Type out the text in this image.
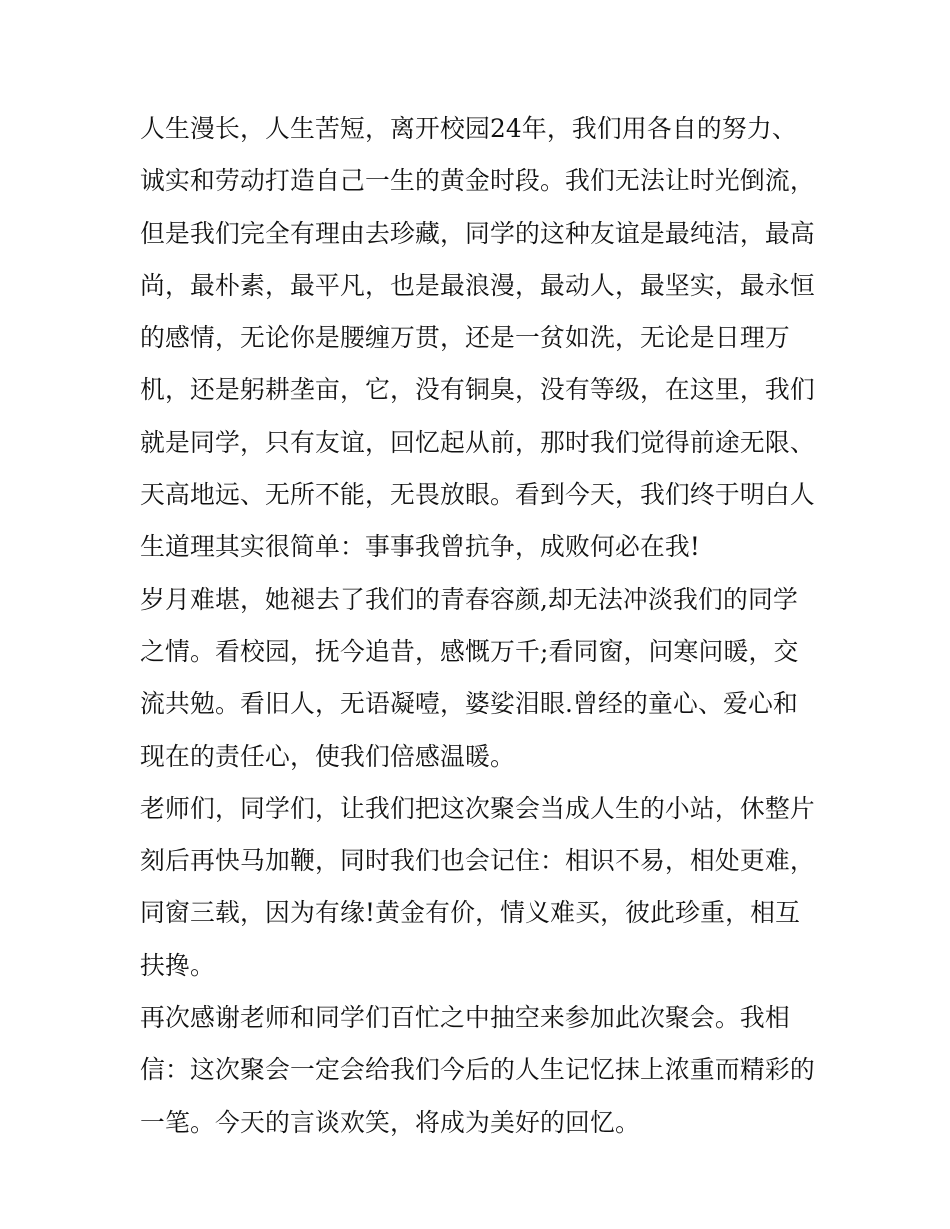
人生漫长，人生苦短，离开校园24年，我们用各自的努力、
诚实和劳动打造自己一生的黄金时段。我们无法让时光倒流，
但是我们完全有理由去珍藏，同学的这种友谊是最纯洁，最高
尚，最朴素，最平凡，也是最浪漫，最动人，最坚实，最永恒
的感情，无论你是腰缠万贯，还是一贫如洗，无论是日理万
机，还是躬耕垄亩，它，没有铜臭，没有等级，在这里，我们
就是同学，只有友谊，回忆起从前，那时我们觉得前途无限、
天高地远、无所不能，无畏放眼。看到今天，我们终于明白人
生道理其实很简单：事事我曾抗争，成败何必在我!
岁月难堪，她褪去了我们的青春容颜,却无法冲淡我们的同学
之情。看校园，抚今追昔，感慨万千;看同窗，问寒问暖，交
流共勉。看旧人，无语凝噎，婆娑泪眼.曾经的童心、爱心和
现在的责任心，使我们倍感温暖。
老师们，同学们，让我们把这次聚会当成人生的小站，休整片
刻后再快马加鞭，同时我们也会记住：相识不易，相处更难，
同窗三载，因为有缘!黄金有价，情义难买，彼此珍重，相互
扶搀。
再次感谢老师和同学们百忙之中抽空来参加此次聚会。我相
信：这次聚会一定会给我们今后的人生记忆抹上浓重而精彩的
一笔。今天的言谈欢笑，将成为美好的回忆。
